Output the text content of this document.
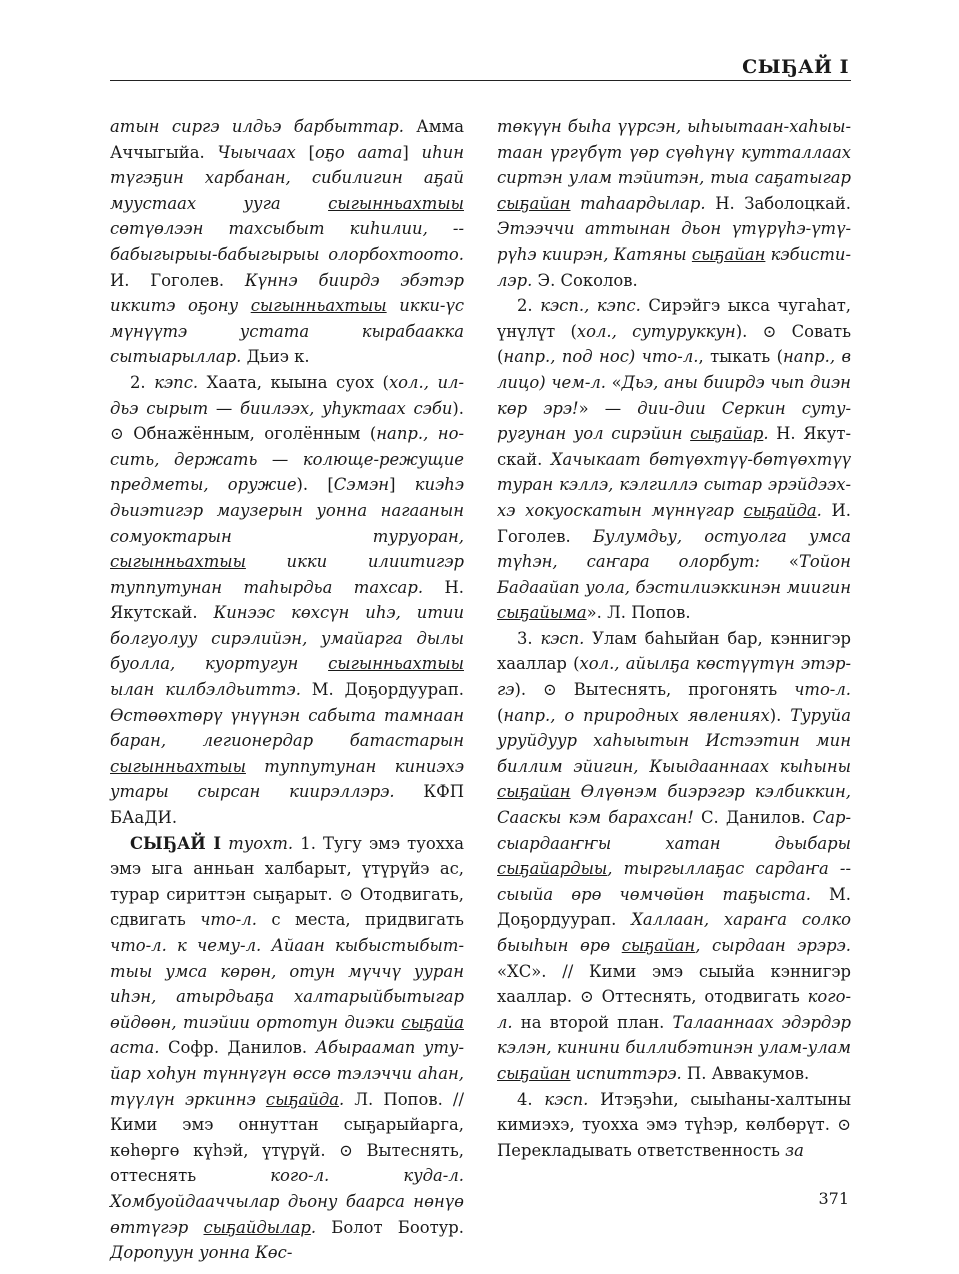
СЫҔАЙ I

атын сиргэ илдьэ барбыттар. Амма Аччыгыйа. Чыычаах [оҕо аата] иһин түгэҕин харбанан, сибилигин аҕай муустаах ууга сыгынньахтыы сөтүөлээн тахсыбыт киһилии, -- бабыгырыы-бабыгырыы олорбохтоото. И. Гоголев. Күннэ биирдэ эбэтэр иккитэ оҕону сыгынньахтыы икки-үс мүнүүтэ устата кырабаакка сытыарыллар. Дьиэ к.

2. кэпс. Хаата, кыына суох (хол., илдьэ сырыт — биилээх, уһуктаах сэби). ⊙ Обнажённым, оголённым (напр., носить, держать — колюще-режущие предметы, оружие). [Сэмэн] киэһэ дьиэтигэр маузерын уонна нагаанын сомуоктарын туруоран, сыгынньахтыы икки илиитигэр туппутунан таһырдьа тахсар. Н. Якутскай. Кинээс көхсүн иһэ, итии болгуолуу сирэлийэн, умайарга дылы буолла, куортугун сыгынньахтыы ылан килбэлдьиттэ. М. Доҕордуурап. Өстөөхтөрү үнүүнэн сабыта тамнаан баран, легионердар батастарын сыгынньахтыы туппутунан киниэхэ утары сырсан киирэллэрэ. КФП БАаДИ.

СЫҔАЙ I туохт. 1. Тугу эмэ туохха эмэ ыга анньан халбарыт, үтүрүйэ ас, турар сириттэн сыҕарыт. ⊙ Отодвигать, сдвигать что-л. с места, придвигать что-л. к чему-л. Айаан кыбыстыбыттыы умса көрөн, отун мүччү ууран иһэн, атырдьаҕа халтарыйбытыгар өйдөөн, тиэйии ортотун диэки сыҕайа аста. Софр. Данилов. Абыраамап утуйар хоһун түннүгүн өссө тэлэччи аһан, түүлүн эркиннэ сыҕайда. Л. Попов. // Кими эмэ оннуттан сыҕарыйарга, көһөргө күһэй, үтүрүй. ⊙ Вытеснять, оттеснять кого-л. куда-л. Хомбуойдааччылар дьону баарса нөнүө өттүгэр сыҕайдылар. Болот Боотур. Доропуун уонна Көс-

төкүүн быһа үүрсэн, ыһыытаан-хаһыытаан үргүбүт үөр сүөһүнү кутталлаах сиртэн улам тэйитэн, тыа саҕатыгар сыҕайан таһаардылар. Н. Заболоцкай. Этээччи аттынан дьон үтүрүһэ-үтүрүһэ киирэн, Катяны сыҕайан кэбистилэр. Э. Соколов.

2. кэсп., кэпс. Сирэйгэ ыкса чугаһат, үнүлүт (хол., сутуруккун). ⊙ Совать (напр., под нос) что-л., тыкать (напр., в лицо) чем-л. «Дьэ, аны биирдэ чып диэн көр эрэ!» — дии-дии Серкин сутуругунан уол сирэйин сыҕайар. Н. Якутскай. Хачыкаат бөтүөхтүү-бөтүөхтүү туран кэллэ, кэлгиллэ сытар эрэйдээххэ хокуоскатын мүннүгар сыҕайда. И. Гоголев. Булумдьу, остуолга умса түһэн, саҥара олорбут: «Тойон Бадаайап уола, бэстилиэккинэн миигин сыҕайыма». Л. Попов.

3. кэсп. Улам баһыйан бар, кэннигэр хааллар (хол., айылҕа көстүүтүн этэргэ). ⊙ Вытеснять, прогонять что-л. (напр., о природных явлениях). Туруйа уруйдуур хаһыытын Истээтин мин биллим эйигин, Кыыдааннаах кыһыны сыҕайан Өлүөнэм биэрэгэр кэлбиккин, Сааскы кэм барахсан! С. Данилов. Сарсыардааҥҥы хатан дьыбары сыҕайардыы, тыргыллаҕас сардаҥа -- сыыйа өрө чөмчөйөн таҕыста. М. Доҕордуурап. Халлаан, хараҥа солко быыһын өрө сыҕайан, сырдаан эрэрэ. «ХС». // Кими эмэ сыыйа кэннигэр хааллар. ⊙ Оттеснять, отодвигать кого-л. на второй план. Талааннаах эдэрдэр кэлэн, кинини биллибэтинэн улам-улам сыҕайан испиттэрэ. П. Аввакумов.

4. кэсп. Итэҕэһи, сыыһаны-халтыны кимиэхэ, туохха эмэ түһэр, көлбөрүт. ⊙ Перекладывать ответственность за

371
